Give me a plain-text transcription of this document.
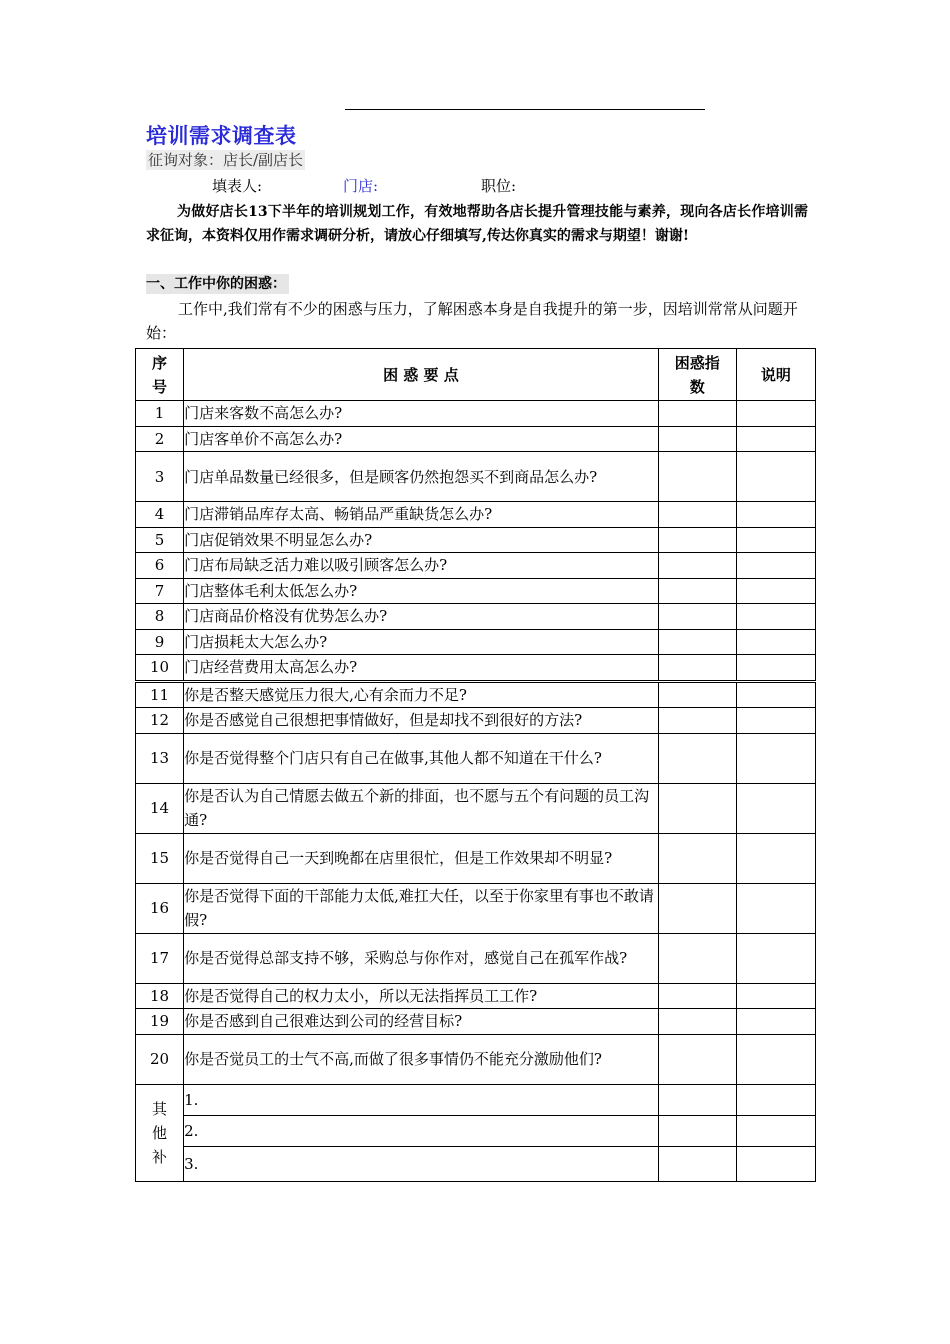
培训需求调查表
征询对象：店长/副店长
填表人:	门店:	职位:
为做好店长13下半年的培训规划工作，有效地帮助各店长提升管理技能与素养，现向各店长作培训需求征询，本资料仅用作需求调研分析，请放心仔细填写,传达你真实的需求与期望！谢谢!
一、工作中你的困惑：
工作中,我们常有不少的困惑与压力，了解困惑本身是自我提升的第一步，因培训常常从问题开始：
序号	困 惑 要 点	困惑指数	说明
1	门店来客数不高怎么办?		
2	门店客单价不高怎么办?		
3	门店单品数量已经很多，但是顾客仍然抱怨买不到商品怎么办?		
4	门店滞销品库存太高、畅销品严重缺货怎么办?		
5	门店促销效果不明显怎么办?		
6	门店布局缺乏活力难以吸引顾客怎么办?		
7	门店整体毛利太低怎么办?		
8	门店商品价格没有优势怎么办?		
9	门店损耗太大怎么办?		
10	门店经营费用太高怎么办?		
11	你是否整天感觉压力很大,心有余而力不足?		
12	你是否感觉自己很想把事情做好，但是却找不到很好的方法?		
13	你是否觉得整个门店只有自己在做事,其他人都不知道在干什么?		
14	你是否认为自己情愿去做五个新的排面，也不愿与五个有问题的员工沟通?		
15	你是否觉得自己一天到晚都在店里很忙，但是工作效果却不明显?		
16	你是否觉得下面的干部能力太低,难扛大任，以至于你家里有事也不敢请假?		
17	你是否觉得总部支持不够，采购总与你作对，感觉自己在孤军作战?		
18	你是否觉得自己的权力太小，所以无法指挥员工工作?		
19	你是否感到自己很难达到公司的经营目标?		
20	你是否觉员工的士气不高,而做了很多事情仍不能充分激励他们?		
其他补	1.		
	2.		
	3.		
